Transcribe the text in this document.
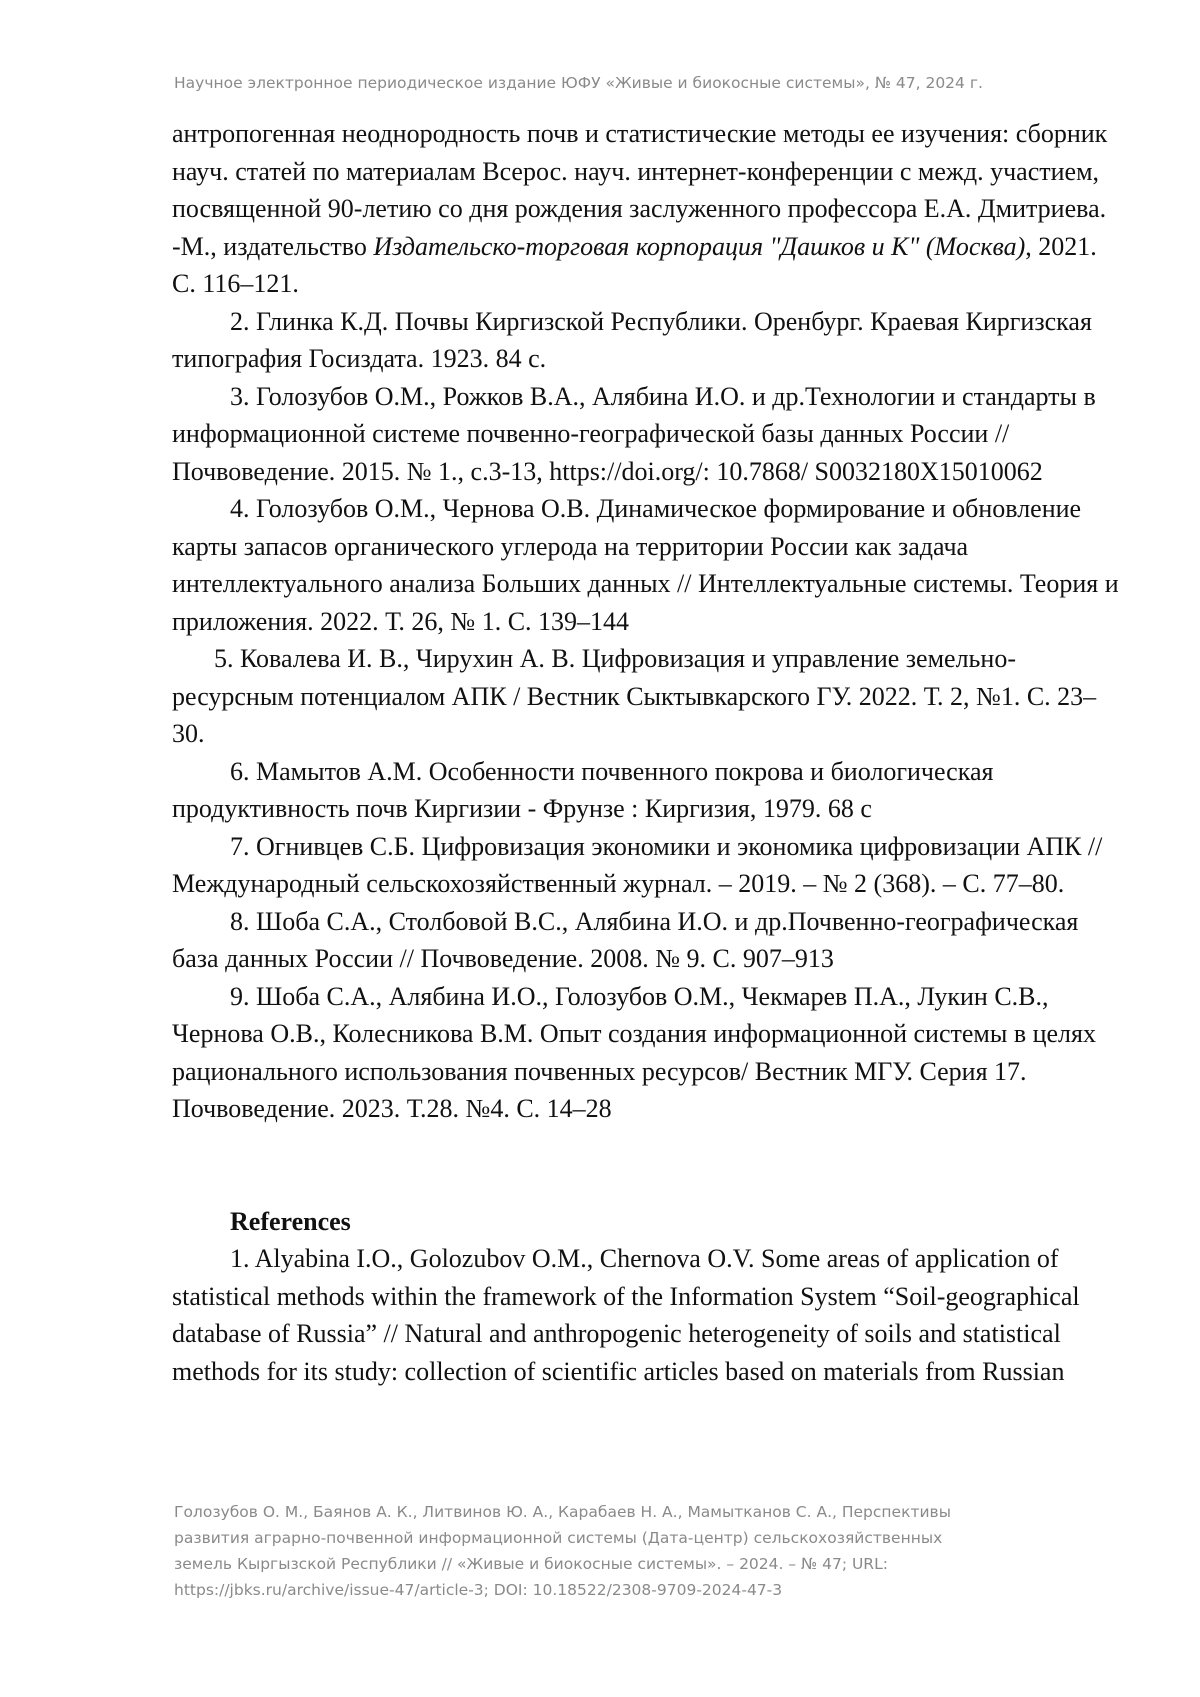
Научное электронное периодическое издание ЮФУ «Живые и биокосные системы», № 47, 2024 г.

антропогенная неоднородность почв и статистические методы ее изучения: сборник науч. статей по материалам Всерос. науч. интернет-конференции с межд. участием, посвященной 90-летию со дня рождения заслуженного профессора Е.А. Дмитриева. -М., издательство Издательско-торговая корпорация "Дашков и К" (Москва), 2021. С. 116–121.

2. Глинка К.Д. Почвы Киргизской Республики. Оренбург. Краевая Киргизская типография Госиздата. 1923. 84 с.

3. Голозубов О.М., Рожков В.А., Алябина И.О. и др.Технологии и стандарты в информационной системе почвенно-географической базы данных России // Почвоведение. 2015. № 1., с.3-13, https://doi.org/: 10.7868/ S0032180X15010062

4. Голозубов О.М., Чернова О.В. Динамическое формирование и обновление карты запасов органического углерода на территории России как задача интеллектуального анализа Больших данных // Интеллектуальные системы. Теория и приложения. 2022. Т. 26, № 1. С. 139–144

5. Ковалева И. В., Чирухин А. В. Цифровизация и управление земельно-ресурсным потенциалом АПК / Вестник Сыктывкарского ГУ. 2022. Т. 2, №1. С. 23–30.

6. Мамытов А.М. Особенности почвенного покрова и биологическая продуктивность почв Киргизии - Фрунзе : Киргизия, 1979. 68 с

7. Огнивцев С.Б. Цифровизация экономики и экономика цифровизации АПК // Международный сельскохозяйственный журнал. – 2019. – № 2 (368). – С. 77–80.

8. Шоба С.А., Столбовой В.С., Алябина И.О. и др.Почвенно-географическая база данных России // Почвоведение. 2008. № 9. С. 907–913

9. Шоба С.А., Алябина И.О., Голозубов О.М., Чекмарев П.А., Лукин С.В., Чернова О.В., Колесникова В.М. Опыт создания информационной системы в целях рационального использования почвенных ресурсов/ Вестник МГУ. Серия 17. Почвоведение. 2023. Т.28. №4. С. 14–28

References

1. Alyabina I.O., Golozubov O.M., Chernova O.V. Some areas of application of statistical methods within the framework of the Information System “Soil-geographical database of Russia” // Natural and anthropogenic heterogeneity of soils and statistical methods for its study: collection of scientific articles based on materials from Russian

Голозубов О. М., Баянов А. К., Литвинов Ю. А., Карабаев Н. А., Мамытканов С. А., Перспективы
развития аграрно-почвенной информационной системы (Дата-центр) сельскохозяйственных
земель Кыргызской Республики // «Живые и биокосные системы». – 2024. – № 47; URL:
https://jbks.ru/archive/issue-47/article-3; DOI: 10.18522/2308-9709-2024-47-3
